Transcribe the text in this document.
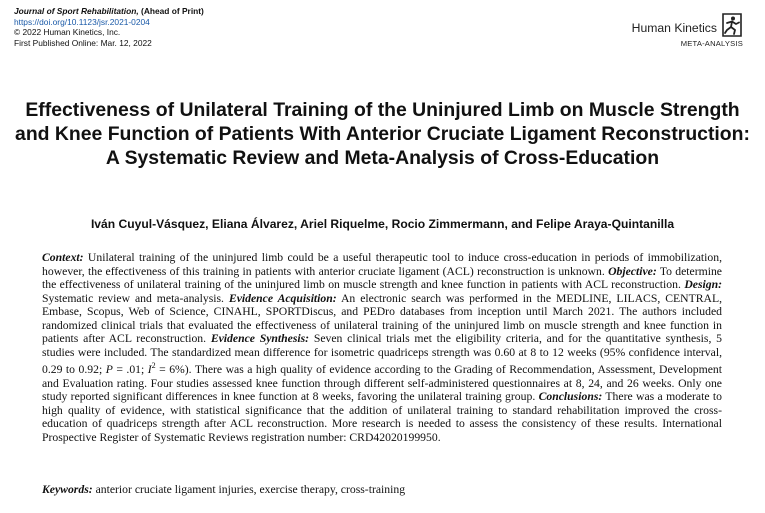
Journal of Sport Rehabilitation, (Ahead of Print)
https://doi.org/10.1123/jsr.2021-0204
© 2022 Human Kinetics, Inc.
First Published Online: Mar. 12, 2022
Human Kinetics
META-ANALYSIS
Effectiveness of Unilateral Training of the Uninjured Limb on Muscle Strength and Knee Function of Patients With Anterior Cruciate Ligament Reconstruction: A Systematic Review and Meta-Analysis of Cross-Education
Iván Cuyul-Vásquez, Eliana Álvarez, Ariel Riquelme, Rocio Zimmermann, and Felipe Araya-Quintanilla
Context: Unilateral training of the uninjured limb could be a useful therapeutic tool to induce cross-education in periods of immobilization, however, the effectiveness of this training in patients with anterior cruciate ligament (ACL) reconstruction is unknown. Objective: To determine the effectiveness of unilateral training of the uninjured limb on muscle strength and knee function in patients with ACL reconstruction. Design: Systematic review and meta-analysis. Evidence Acquisition: An electronic search was performed in the MEDLINE, LILACS, CENTRAL, Embase, Scopus, Web of Science, CINAHL, SPORTDiscus, and PEDro databases from inception until March 2021. The authors included randomized clinical trials that evaluated the effectiveness of unilateral training of the uninjured limb on muscle strength and knee function in patients after ACL reconstruction. Evidence Synthesis: Seven clinical trials met the eligibility criteria, and for the quantitative synthesis, 5 studies were included. The standardized mean difference for isometric quadriceps strength was 0.60 at 8 to 12 weeks (95% confidence interval, 0.29 to 0.92; P = .01; $I^2 = 6\%$). There was a high quality of evidence according to the Grading of Recommendation, Assessment, Development and Evaluation rating. Four studies assessed knee function through different self-administered questionnaires at 8, 24, and 26 weeks. Only one study reported significant differences in knee function at 8 weeks, favoring the unilateral training group. Conclusions: There was a moderate to high quality of evidence, with statistical significance that the addition of unilateral training to standard rehabilitation improved the cross-education of quadriceps strength after ACL reconstruction. More research is needed to assess the consistency of these results. International Prospective Register of Systematic Reviews registration number: CRD42020199950.
Keywords: anterior cruciate ligament injuries, exercise therapy, cross-training
